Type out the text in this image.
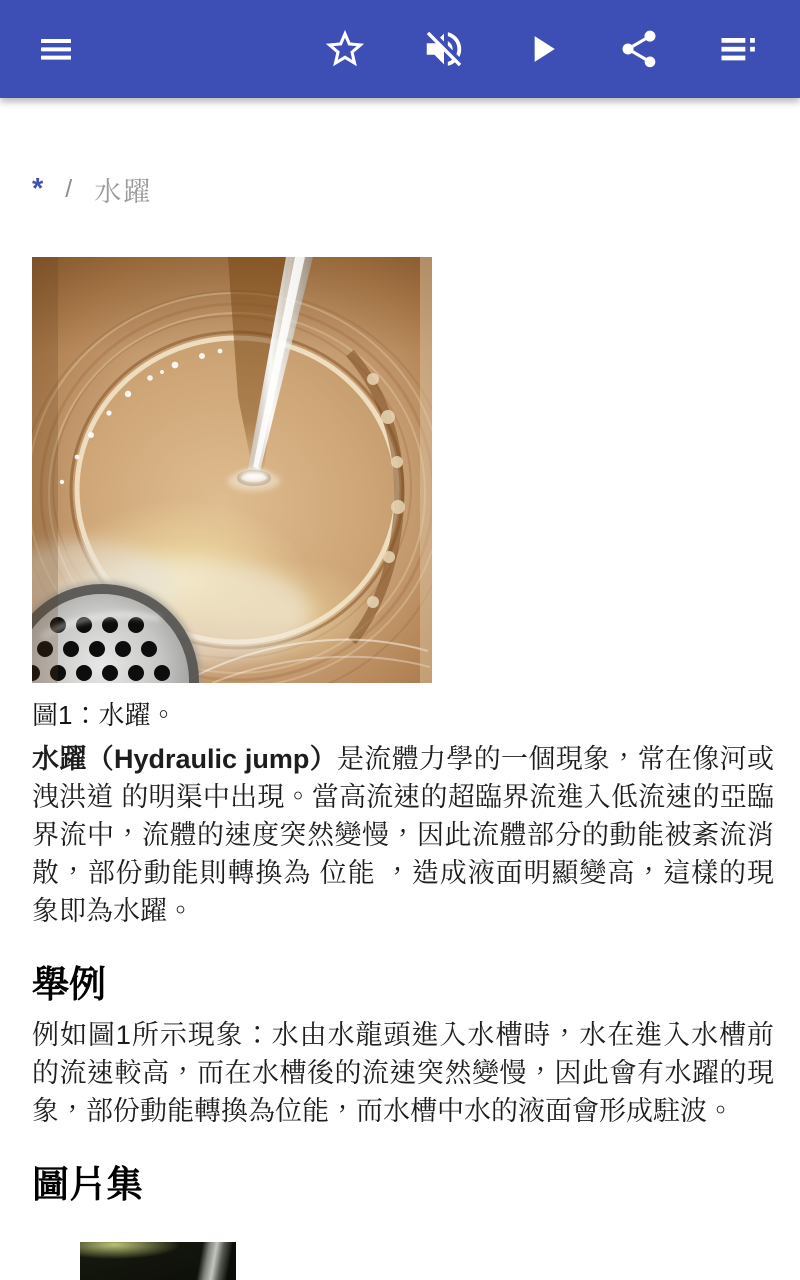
* / 水躍
圖1：水躍。

水躍（Hydraulic jump）是流體力學的一個現象，常在像河或 洩洪道 的明渠中出現。當高流速的超臨界流進入低流速的亞臨界流中，流體的速度突然變慢，因此流體部分的動能被紊流消散，部份動能則轉換為 位能 ，造成液面明顯變高，這樣的現象即為水躍。

舉例

例如圖1所示現象：水由水龍頭進入水槽時，水在進入水槽前的流速較高，而在水槽後的流速突然變慢，因此會有水躍的現象，部份動能轉換為位能，而水槽中水的液面會形成駐波。

圖片集
